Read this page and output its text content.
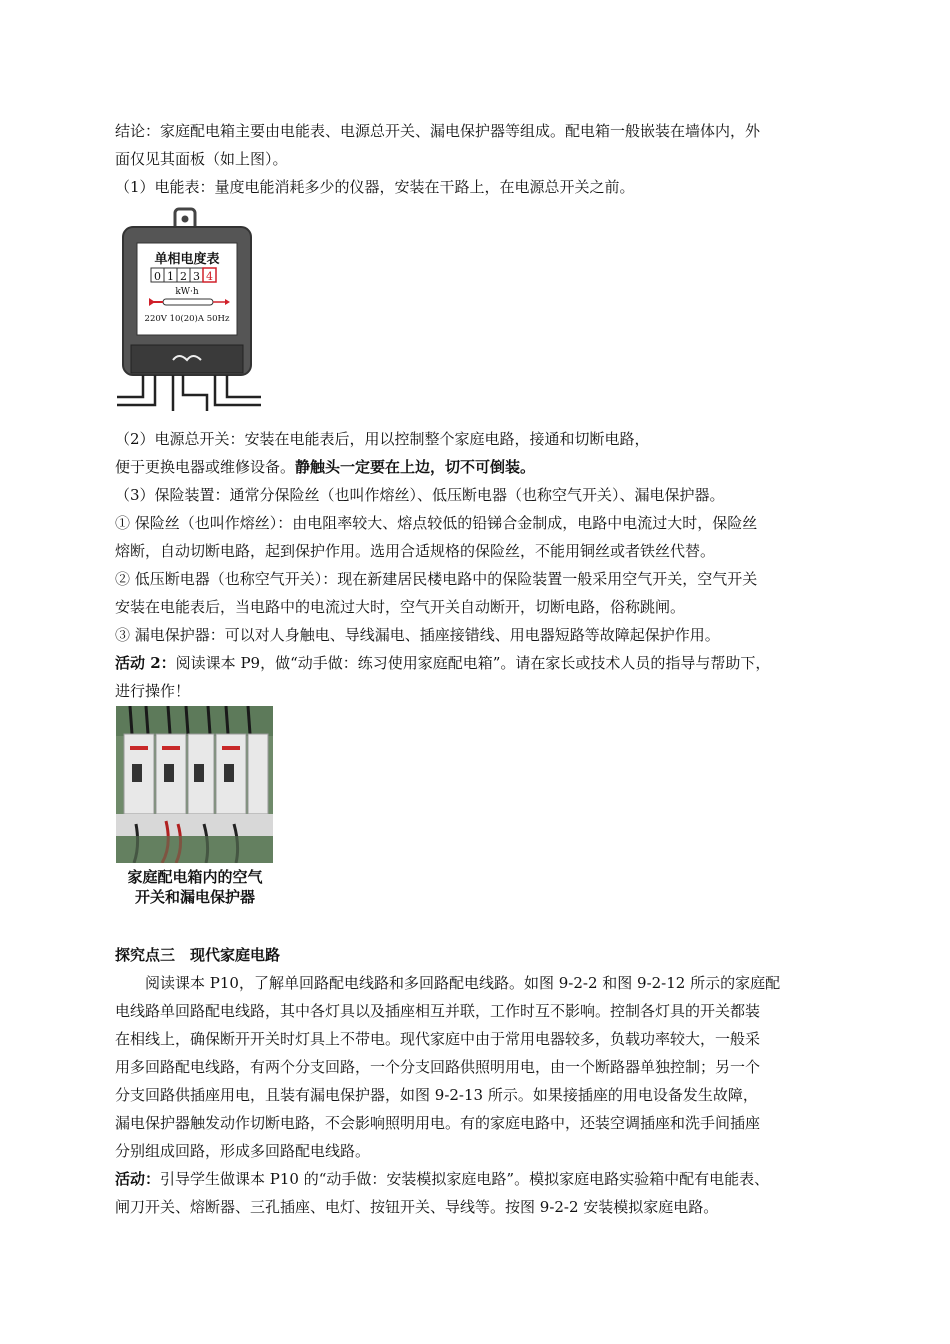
结论：家庭配电箱主要由电能表、电源总开关、漏电保护器等组成。配电箱一般嵌装在墙体内，外
面仅见其面板（如上图）。
（1）电能表：量度电能消耗多少的仪器，安装在干路上，在电源总开关之前。
单相电度表
0 1 2 3 4
kW·h
220V 10(20)A 50Hz
（2）电源总开关：安装在电能表后，用以控制整个家庭电路，接通和切断电路，
便于更换电器或维修设备。静触头一定要在上边，切不可倒装。
（3）保险装置：通常分保险丝（也叫作熔丝）、低压断电器（也称空气开关）、漏电保护器。
① 保险丝（也叫作熔丝）：由电阻率较大、熔点较低的铅锑合金制成，电路中电流过大时，保险丝
熔断，自动切断电路，起到保护作用。选用合适规格的保险丝，不能用铜丝或者铁丝代替。
② 低压断电器（也称空气开关）：现在新建居民楼电路中的保险装置一般采用空气开关，空气开关
安装在电能表后，当电路中的电流过大时，空气开关自动断开，切断电路，俗称跳闸。
③ 漏电保护器：可以对人身触电、导线漏电、插座接错线、用电器短路等故障起保护作用。
活动 2：阅读课本 P9，做“动手做：练习使用家庭配电箱”。请在家长或技术人员的指导与帮助下，
进行操作！
家庭配电箱内的空气
开关和漏电保护器
探究点三　现代家庭电路
阅读课本 P10，了解单回路配电线路和多回路配电线路。如图 9-2-2 和图 9-2-12 所示的家庭配
电线路单回路配电线路，其中各灯具以及插座相互并联，工作时互不影响。控制各灯具的开关都装
在相线上，确保断开开关时灯具上不带电。现代家庭中由于常用电器较多，负载功率较大，一般采
用多回路配电线路，有两个分支回路，一个分支回路供照明用电，由一个断路器单独控制；另一个
分支回路供插座用电，且装有漏电保护器，如图 9-2-13 所示。如果接插座的用电设备发生故障，
漏电保护器触发动作切断电路，不会影响照明用电。有的家庭电路中，还装空调插座和洗手间插座
分别组成回路，形成多回路配电线路。
活动：引导学生做课本 P10 的“动手做：安装模拟家庭电路”。模拟家庭电路实验箱中配有电能表、
闸刀开关、熔断器、三孔插座、电灯、按钮开关、导线等。按图 9-2-2 安装模拟家庭电路。
